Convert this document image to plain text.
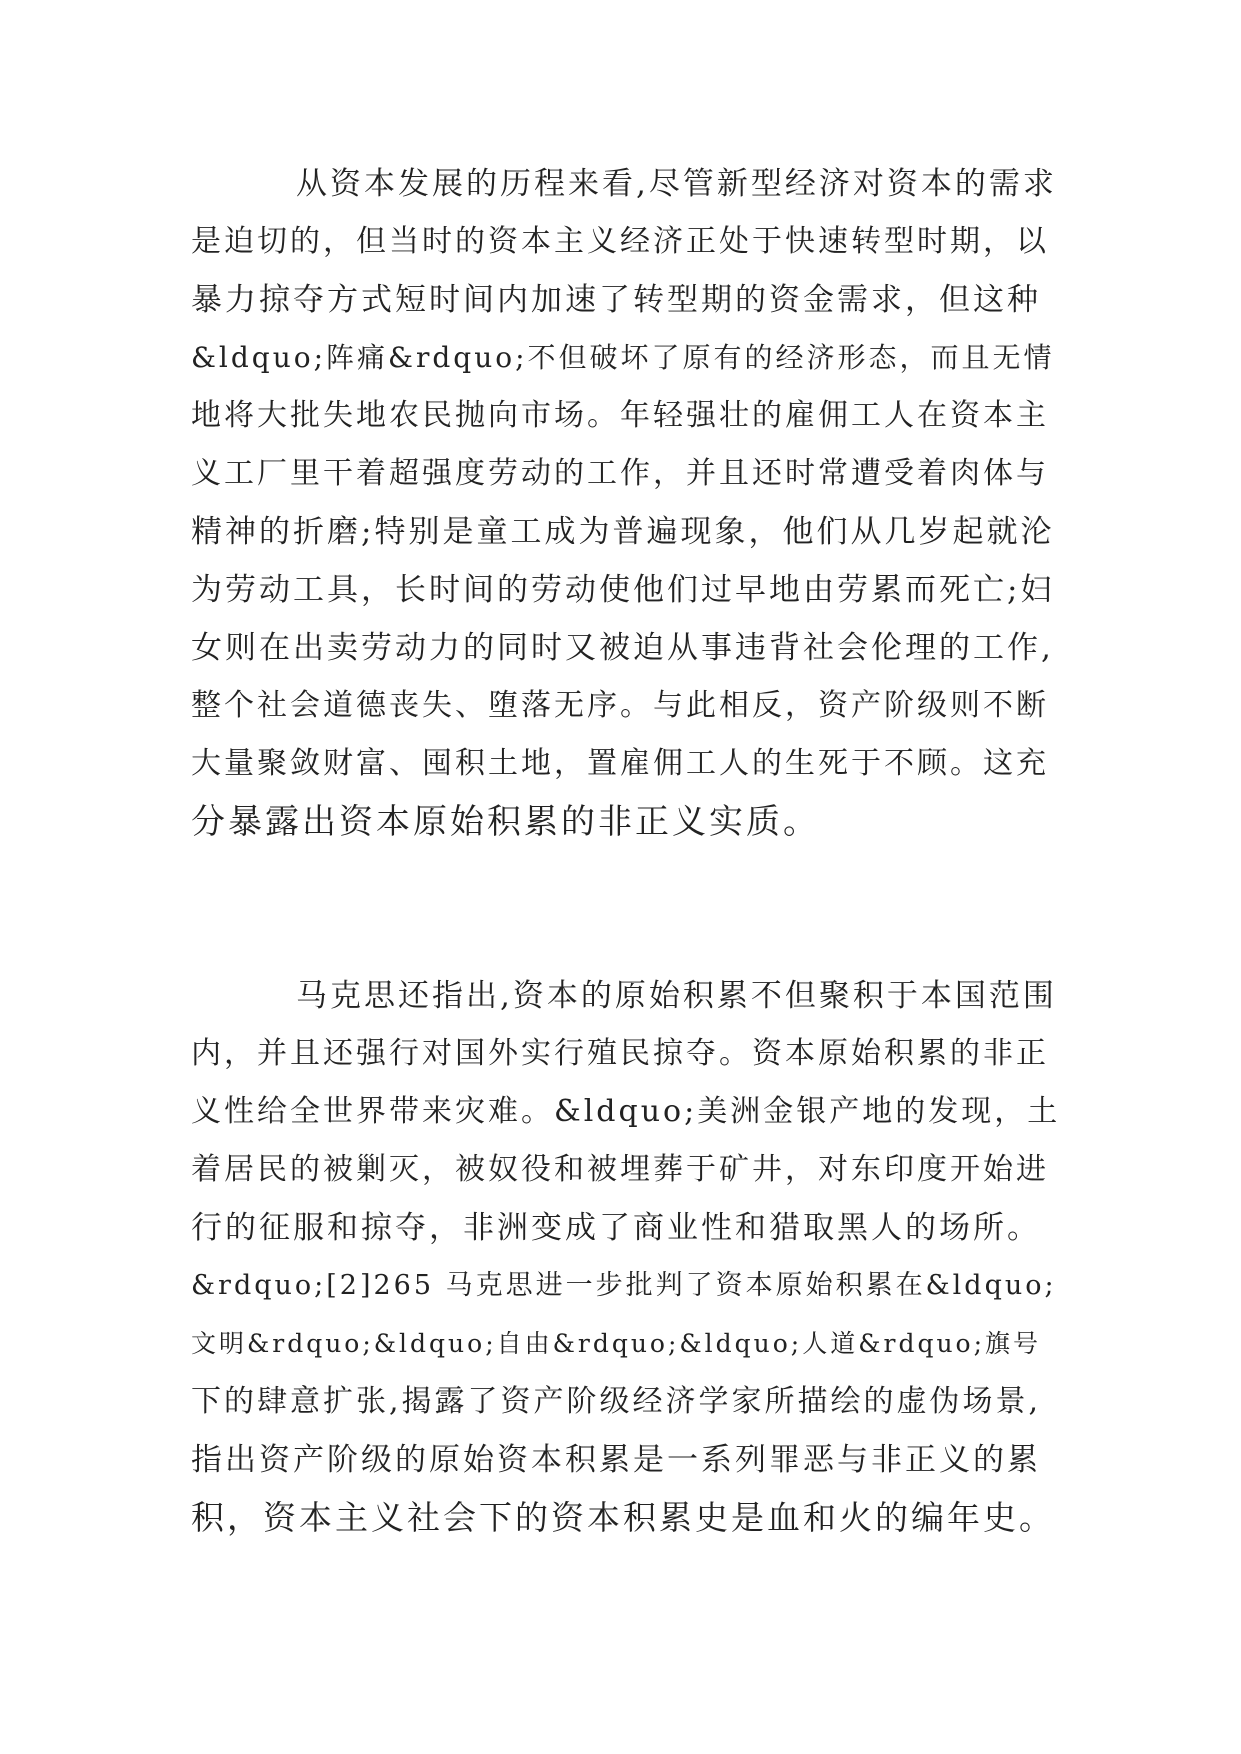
从资本发展的历程来看,尽管新型经济对资本的需求
是迫切的，但当时的资本主义经济正处于快速转型时期，以
暴力掠夺方式短时间内加速了转型期的资金需求，但这种
&ldquo;阵痛&rdquo;不但破坏了原有的经济形态，而且无情
地将大批失地农民抛向市场。年轻强壮的雇佣工人在资本主
义工厂里干着超强度劳动的工作，并且还时常遭受着肉体与
精神的折磨;特别是童工成为普遍现象，他们从几岁起就沦
为劳动工具，长时间的劳动使他们过早地由劳累而死亡;妇
女则在出卖劳动力的同时又被迫从事违背社会伦理的工作,
整个社会道德丧失、堕落无序。与此相反，资产阶级则不断
大量聚敛财富、囤积土地，置雇佣工人的生死于不顾。这充
分暴露出资本原始积累的非正义实质。
马克思还指出,资本的原始积累不但聚积于本国范围
内，并且还强行对国外实行殖民掠夺。资本原始积累的非正
义性给全世界带来灾难。&ldquo;美洲金银产地的发现，土
着居民的被剿灭，被奴役和被埋葬于矿井，对东印度开始进
行的征服和掠夺，非洲变成了商业性和猎取黑人的场所。
&rdquo;[2]265 马克思进一步批判了资本原始积累在&ldquo;
文明&rdquo;&ldquo;自由&rdquo;&ldquo;人道&rdquo;旗号
下的肆意扩张,揭露了资产阶级经济学家所描绘的虚伪场景,
指出资产阶级的原始资本积累是一系列罪恶与非正义的累
积，资本主义社会下的资本积累史是血和火的编年史。
